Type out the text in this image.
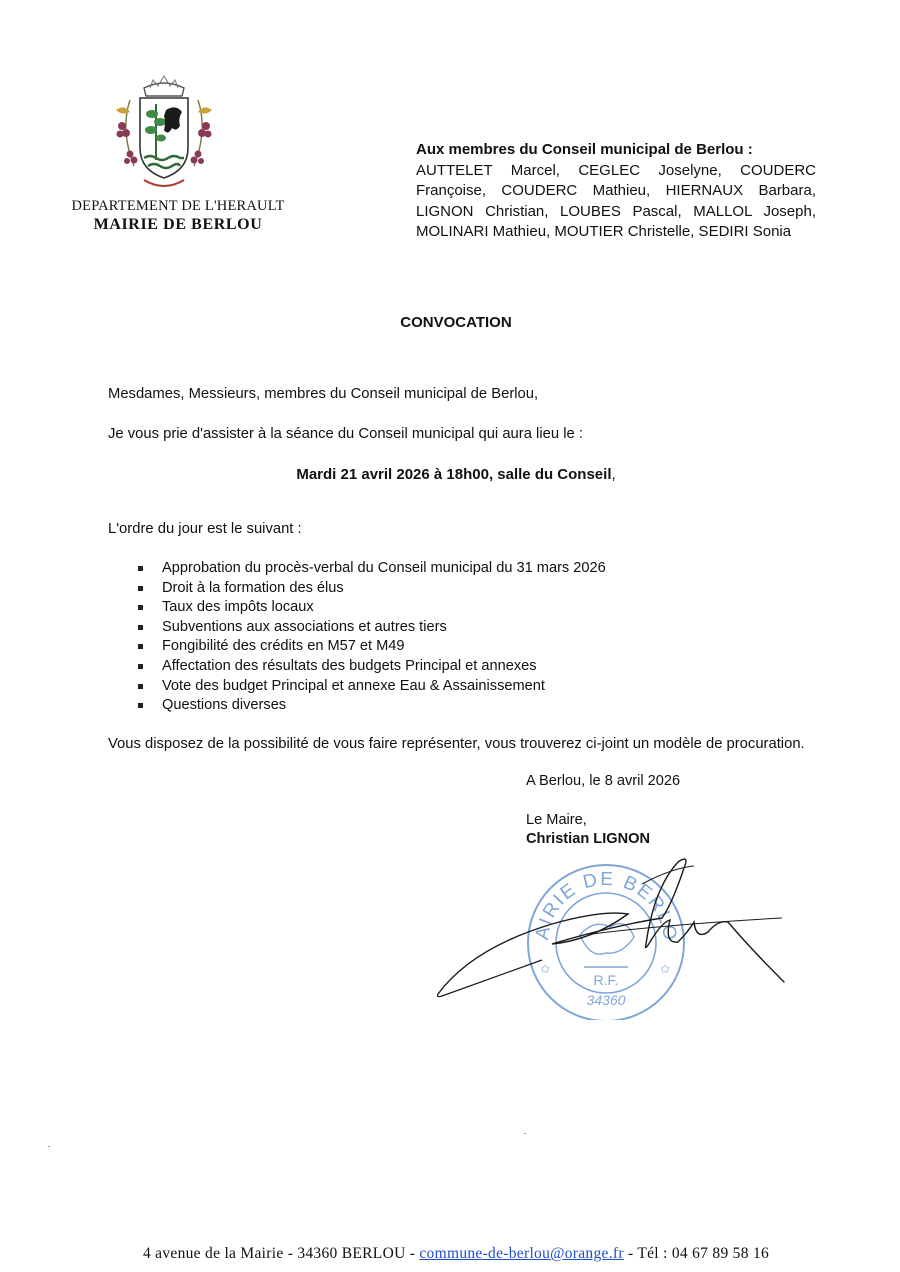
DEPARTEMENT DE L'HERAULT
MAIRIE DE BERLOU
Aux membres du Conseil municipal de Berlou :
AUTTELET Marcel, CEGLEC Joselyne, COUDERC Françoise, COUDERC Mathieu, HIERNAUX Barbara, LIGNON Christian, LOUBES Pascal, MALLOL Joseph, MOLINARI Mathieu, MOUTIER Christelle, SEDIRI Sonia
CONVOCATION
Mesdames, Messieurs, membres du Conseil municipal de Berlou,
Je vous prie d'assister à la séance du Conseil municipal qui aura lieu le :
Mardi 21 avril 2026 à 18h00, salle du Conseil,
L'ordre du jour est le suivant :
Approbation du procès-verbal du Conseil municipal du 31 mars 2026
Droit à la formation des élus
Taux des impôts locaux
Subventions aux associations et autres tiers
Fongibilité des crédits en M57 et M49
Affectation des résultats des budgets Principal et annexes
Vote des budget Principal et annexe Eau & Assainissement
Questions diverses
Vous disposez de la possibilité de vous faire représenter, vous trouverez ci-joint un modèle de procuration.
A Berlou, le 8 avril 2026
Le Maire,
Christian LIGNON
AIRIE DE BERLO
✩	✩
R.F.
34360
4 avenue de la Mairie - 34360 BERLOU - commune-de-berlou@orange.fr - Tél : 04 67 89 58 16
